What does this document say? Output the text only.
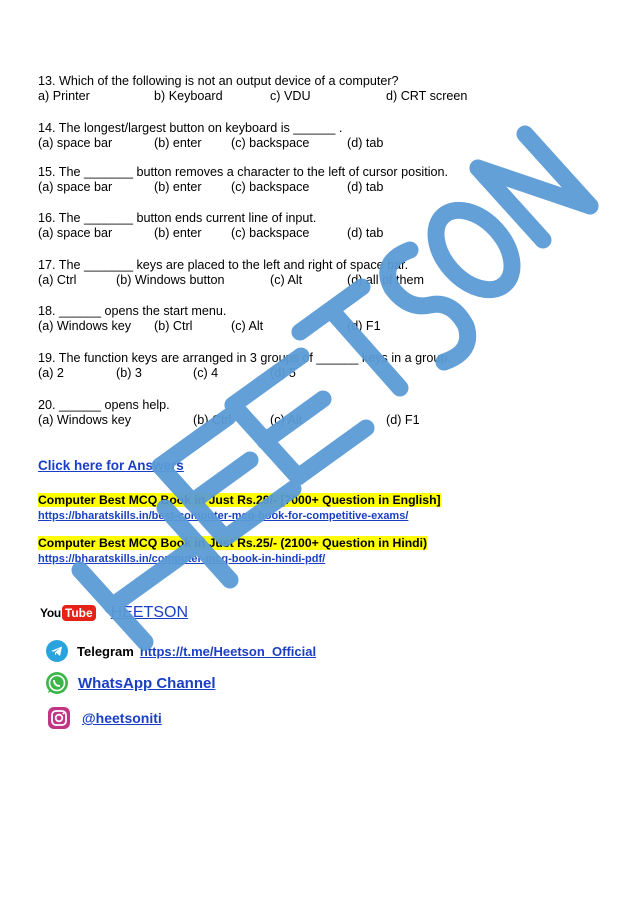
13. Which of the following is not an output device of a computer?
a) Printer	b) Keyboard	c) VDU	d) CRT screen
14. The longest/largest button on keyboard is ______ .
(a) space bar	(b) enter (c) backspace	(d) tab
15. The _______ button removes a character to the left of cursor position.
(a) space bar	(b) enter (c) backspace	(d) tab
16. The _______ button ends current line of input.
(a) space bar	(b) enter (c) backspace	(d) tab
17. The _______ keys are placed to the left and right of space bar.
(a) Ctrl	(b) Windows button	(c) Alt	(d) all of them
18. ______ opens the start menu.
(a) Windows key (b) Ctrl	(c) Alt	(d) F1
19. The function keys are arranged in 3 groups of ______ keys in a group.
(a) 2	(b) 3	(c) 4	(d) 5
20. ______ opens help.
(a) Windows key	(b) Ctrl	(c) Alt	(d) F1
Click here for Answers
Computer Best MCQ Book in Just Rs.29/- [7000+ Question in English]
https://bharatskills.in/best-computer-mcq-book-for-competitive-exams/
Computer Best MCQ Book in Just Rs.25/- (2100+ Question in Hindi)
https://bharatskills.in/computer-mcq-book-in-hindi-pdf/
You Tube HEETSON
Telegram https://t.me/Heetson_Official
WhatsApp Channel
@heetsoniti
